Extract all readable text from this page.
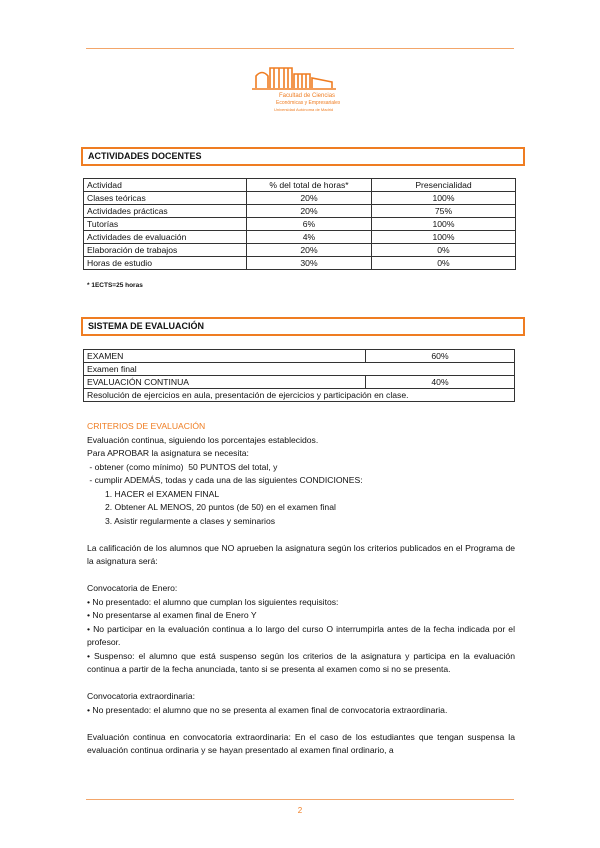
Facultad de Ciencias
Económicas y Empresariales
Universidad Autónoma de Madrid
ACTIVIDADES DOCENTES
Actividad	% del total de horas*	Presencialidad
Clases teóricas	20%	100%
Actividades prácticas	20%	75%
Tutorías	6%	100%
Actividades de evaluación	4%	100%
Elaboración de trabajos	20%	0%
Horas de estudio	30%	0%
* 1ECTS=25 horas
SISTEMA DE EVALUACIÓN
EXAMEN	60%
Examen final	
EVALUACIÓN CONTINUA	40%
Resolución de ejercicios en aula, presentación de ejercicios y participación en clase.	

CRITERIOS DE EVALUACIÓN

Evaluación continua, siguiendo los porcentajes establecidos.

Para APROBAR la asignatura se necesita:

- obtener (como mínimo)  50 PUNTOS del total, y

- cumplir ADEMÁS, todas y cada una de las siguientes CONDICIONES:

1. HACER el EXAMEN FINAL

2. Obtener AL MENOS, 20 puntos (de 50) en el examen final

3. Asistir regularmente a clases y seminarios

La calificación de los alumnos que NO aprueben la asignatura según los criterios publicados en el Programa de la asignatura será:

Convocatoria de Enero:

• No presentado: el alumno que cumplan los siguientes requisitos:

• No presentarse al examen final de Enero Y

• No participar en la evaluación continua a lo largo del curso O interrumpirla antes de la fecha indicada por el profesor.

• Suspenso: el alumno que está suspenso según los criterios de la asignatura y participa en la evaluación continua a partir de la fecha anunciada, tanto si se presenta al examen como si no se presenta.

Convocatoria extraordinaria:

• No presentado: el alumno que no se presenta al examen final de convocatoria extraordinaria.

Evaluación continua en convocatoria extraordinaria: En el caso de los estudiantes que tengan suspensa la evaluación continua ordinaria y se hayan presentado al examen final ordinario, a

2
